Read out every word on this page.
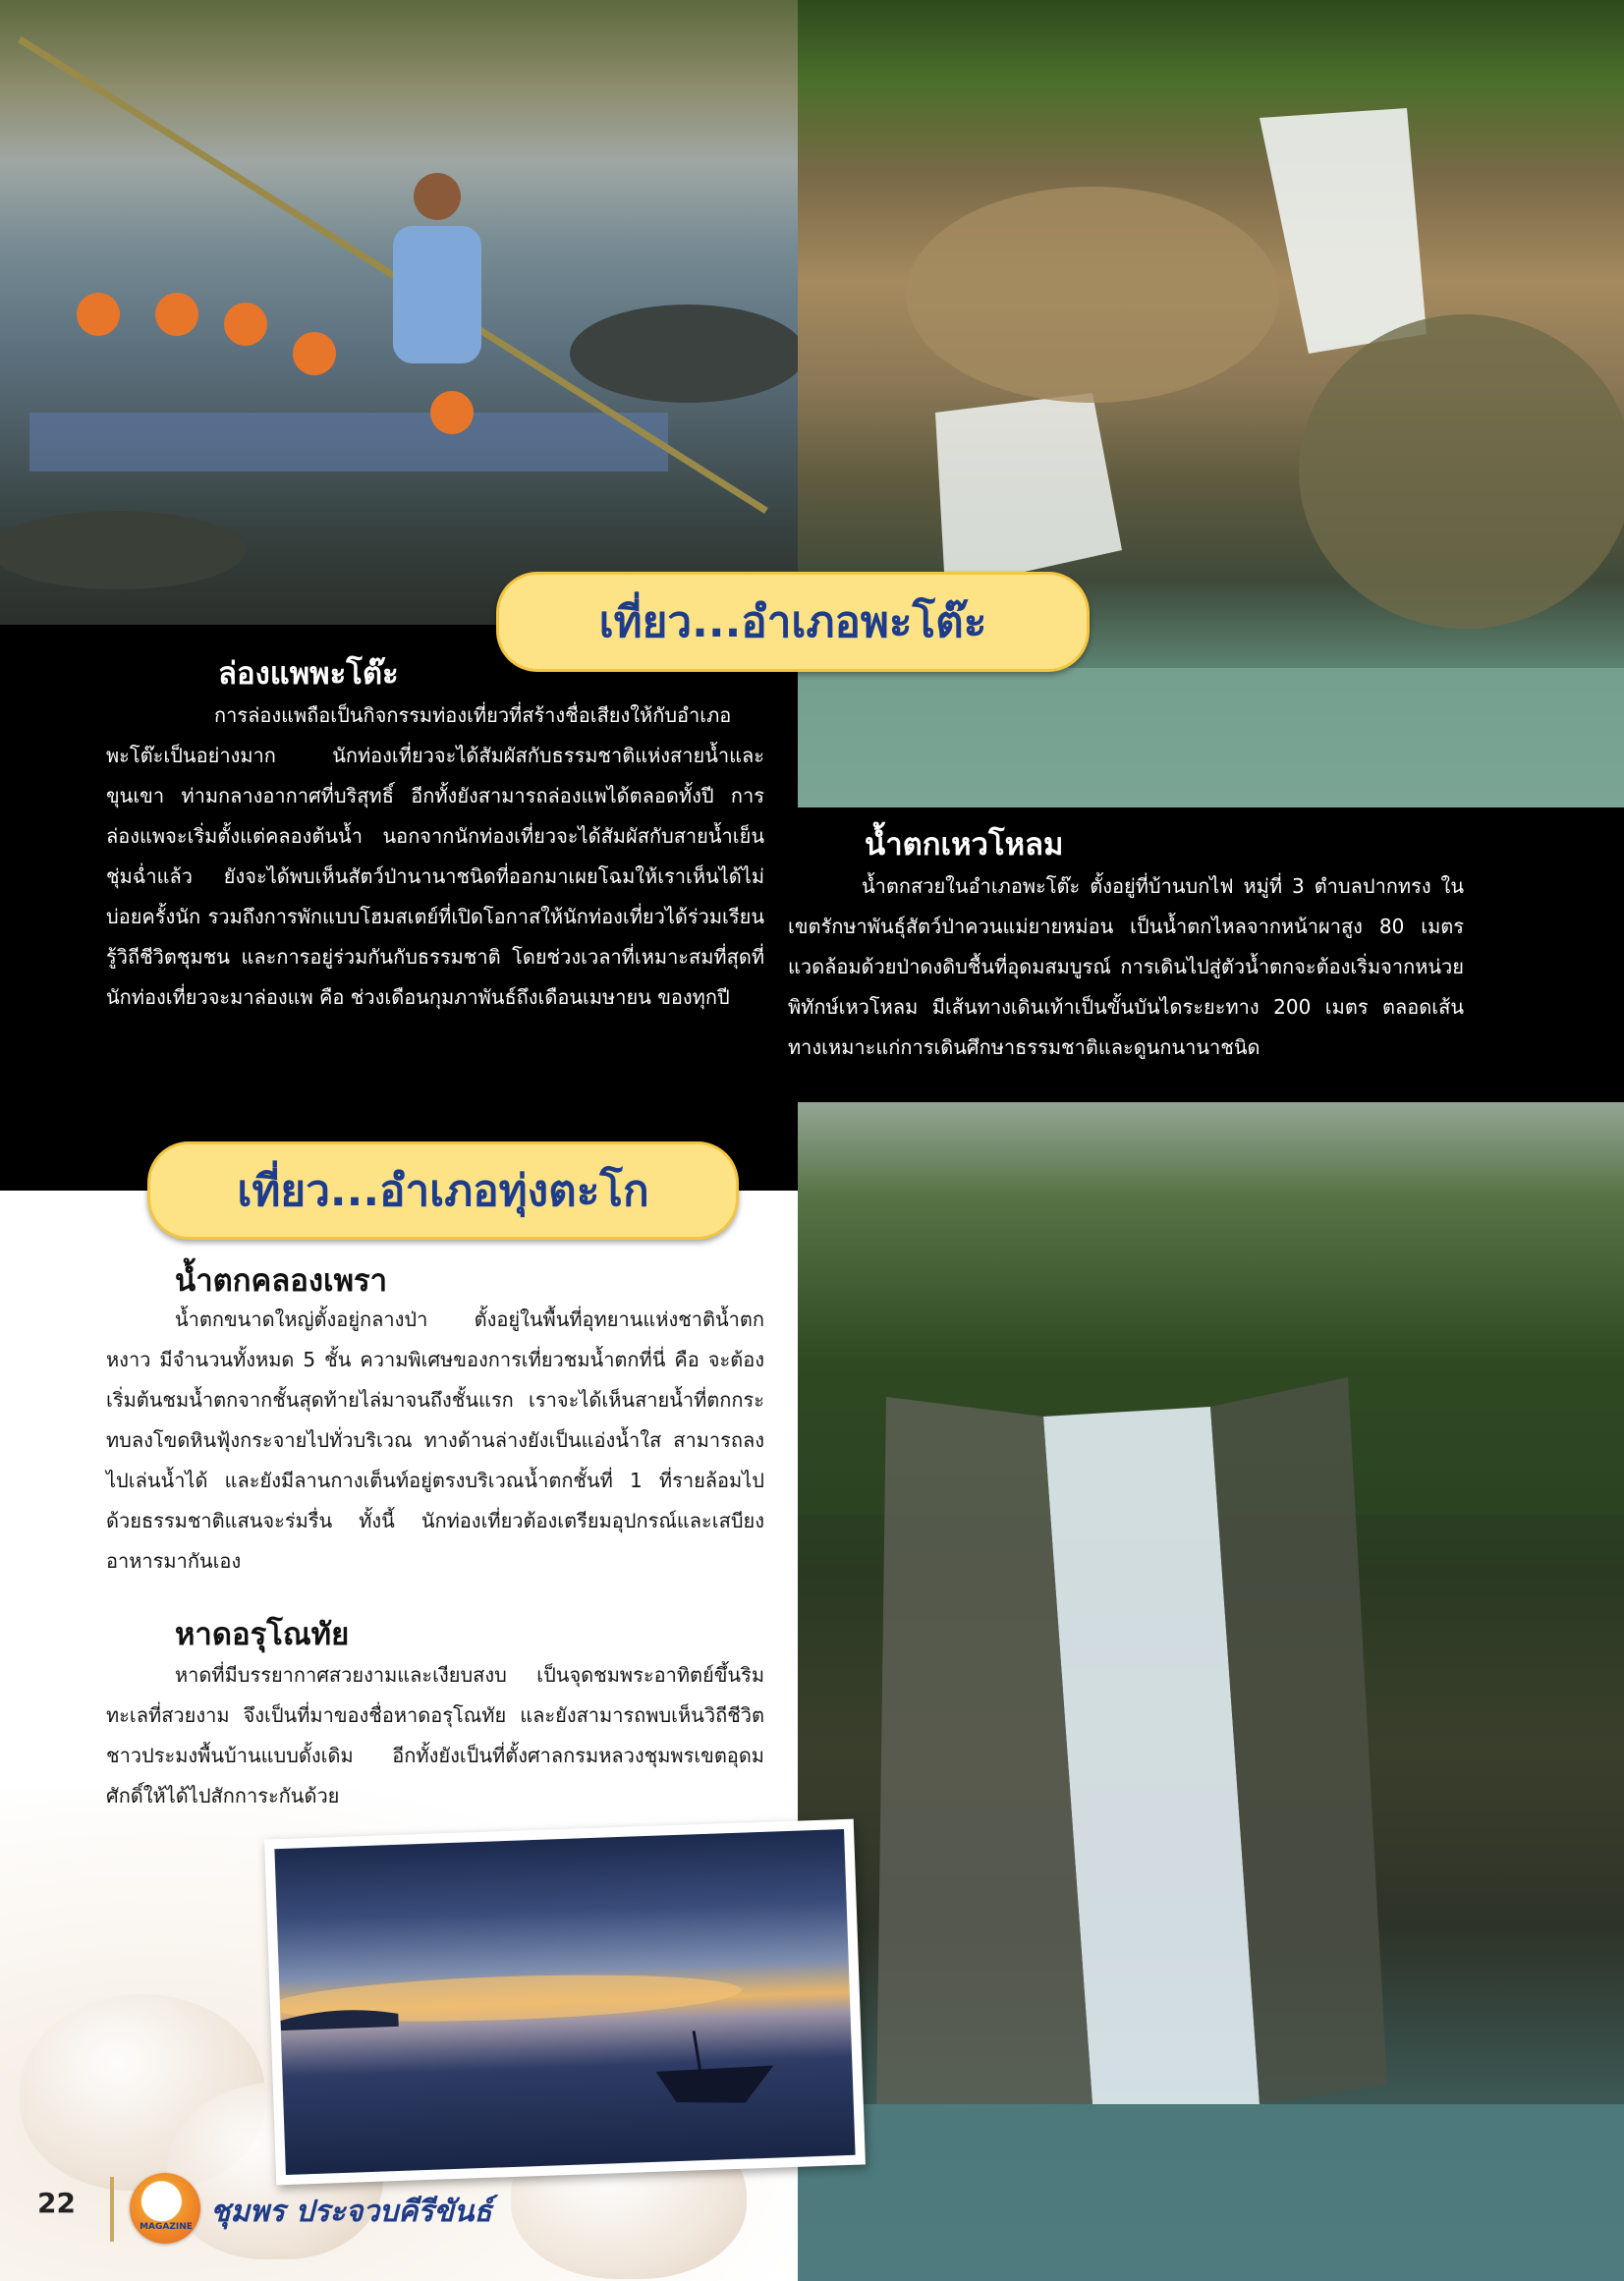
เที่ยว...อำเภอพะโต๊ะ
ล่องแพพะโต๊ะ

การล่องแพถือเป็นกิจกรรมท่องเที่ยวที่สร้างชื่อเสียงให้กับอำเภอพะโต๊ะเป็นอย่างมาก นักท่องเที่ยวจะได้สัมผัสกับธรรมชาติแห่งสายน้ำและขุนเขา ท่ามกลางอากาศที่บริสุทธิ์ อีกทั้งยังสามารถล่องแพได้ตลอดทั้งปี การล่องแพจะเริ่มตั้งแต่คลองต้นน้ำ นอกจากนักท่องเที่ยวจะได้สัมผัสกับสายน้ำเย็นชุ่มฉ่ำแล้ว ยังจะได้พบเห็นสัตว์ป่านานาชนิดที่ออกมาเผยโฉมให้เราเห็นได้ไม่บ่อยครั้งนัก รวมถึงการพักแบบโฮมสเตย์ที่เปิดโอกาสให้นักท่องเที่ยวได้ร่วมเรียนรู้วิถีชีวิตชุมชน และการอยู่ร่วมกันกับธรรมชาติ โดยช่วงเวลาที่เหมาะสมที่สุดที่นักท่องเที่ยวจะมาล่องแพ คือ ช่วงเดือนกุมภาพันธ์ถึงเดือนเมษายน ของทุกปี

น้ำตกเหวโหลม

น้ำตกสวยในอำเภอพะโต๊ะ ตั้งอยู่ที่บ้านบกไฟ หมู่ที่ 3 ตำบลปากทรง ในเขตรักษาพันธุ์สัตว์ป่าควนแม่ยายหม่อน เป็นน้ำตกไหลจากหน้าผาสูง 80 เมตร แวดล้อมด้วยป่าดงดิบชื้นที่อุดมสมบูรณ์ การเดินไปสู่ตัวน้ำตกจะต้องเริ่มจากหน่วยพิทักษ์เหวโหลม มีเส้นทางเดินเท้าเป็นขั้นบันไดระยะทาง 200 เมตร ตลอดเส้นทางเหมาะแก่การเดินศึกษาธรรมชาติและดูนกนานาชนิด

เที่ยว...อำเภอทุ่งตะโก
น้ำตกคลองเพรา

น้ำตกขนาดใหญ่ตั้งอยู่กลางป่า ตั้งอยู่ในพื้นที่อุทยานแห่งชาติน้ำตกหงาว มีจำนวนทั้งหมด 5 ชั้น ความพิเศษของการเที่ยวชมน้ำตกที่นี่ คือ จะต้องเริ่มต้นชมน้ำตกจากชั้นสุดท้ายไล่มาจนถึงชั้นแรก เราจะได้เห็นสายน้ำที่ตกกระทบลงโขดหินฟุ้งกระจายไปทั่วบริเวณ ทางด้านล่างยังเป็นแอ่งน้ำใส สามารถลงไปเล่นน้ำได้ และยังมีลานกางเต็นท์อยู่ตรงบริเวณน้ำตกชั้นที่ 1 ที่รายล้อมไปด้วยธรรมชาติแสนจะร่มรื่น ทั้งนี้ นักท่องเที่ยวต้องเตรียมอุปกรณ์และเสบียงอาหารมากันเอง

หาดอรุโณทัย

หาดที่มีบรรยากาศสวยงามและเงียบสงบ เป็นจุดชมพระอาทิตย์ขึ้นริมทะเลที่สวยงาม จึงเป็นที่มาของชื่อหาดอรุโณทัย และยังสามารถพบเห็นวิถีชีวิตชาวประมงพื้นบ้านแบบดั้งเดิม อีกทั้งยังเป็นที่ตั้งศาลกรมหลวงชุมพรเขตอุดมศักดิ์ให้ได้ไปสักการะกันด้วย

22
MAGAZINE ชุมพร ประจวบคีรีขันธ์
